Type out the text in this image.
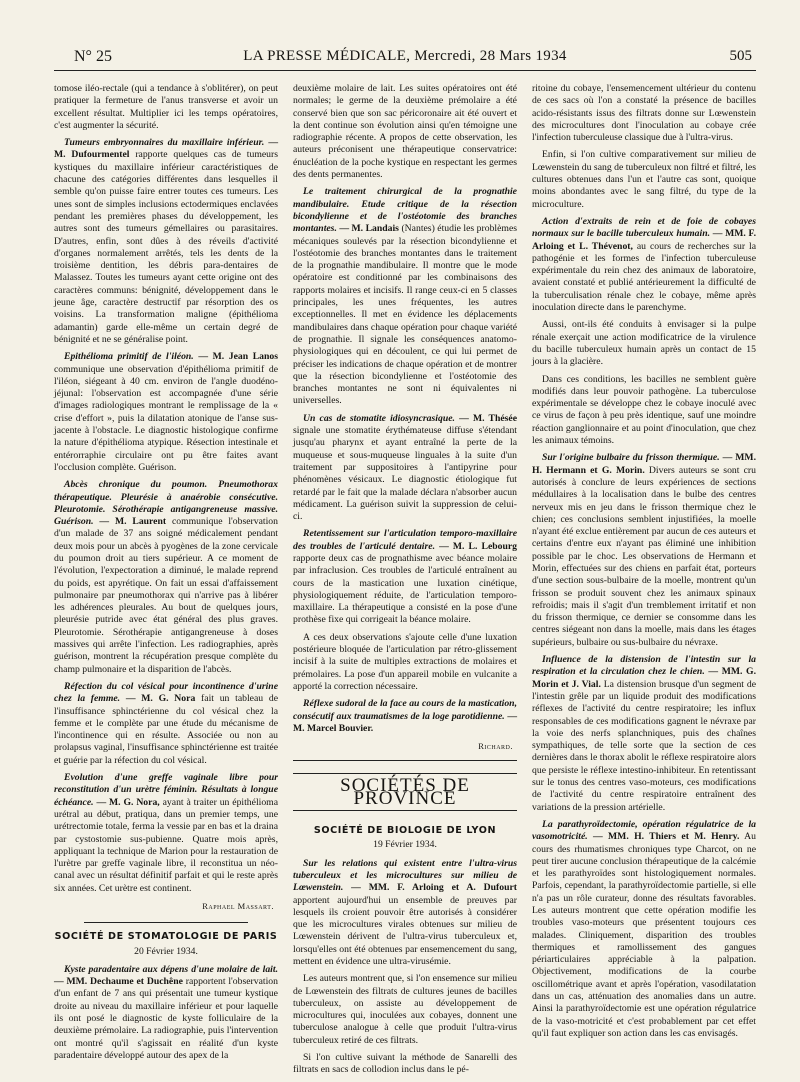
N° 25	LA PRESSE MÉDICALE, Mercredi, 28 Mars 1934	505

tomose iléo-rectale (qui a tendance à s'oblitérer), on peut pratiquer la fermeture de l'anus transverse et avoir un excellent résultat. Multiplier ici les temps opératoires, c'est augmenter la sécurité.

Tumeurs embryonnaires du maxillaire inférieur. — M. Dufourmentel rapporte quelques cas de tumeurs kystiques du maxillaire inférieur caractéristiques de chacune des catégories différentes dans lesquelles il semble qu'on puisse faire entrer toutes ces tumeurs. Les unes sont de simples inclusions ectodermiques enclavées pendant les premières phases du développement, les autres sont des tumeurs gémellaires ou parasitaires. D'autres, enfin, sont dûes à des réveils d'activité d'organes normalement arrêtés, tels les dents de la troisième dentition, les débris para-dentaires de Malassez. Toutes les tumeurs ayant cette origine ont des caractères communs: bénignité, développement dans le jeune âge, caractère destructif par résorption des os voisins. La transformation maligne (épithélioma adamantin) garde elle-même un certain degré de bénignité et ne se généralise point.

Epithélioma primitif de l'iléon. — M. Jean Lanos communique une observation d'épithélioma primitif de l'iléon, siégeant à 40 cm. environ de l'angle duodéno-jéjunal: l'observation est accompagnée d'une série d'images radiologiques montrant le remplissage de la « crise d'effort », puis la dilatation atonique de l'anse sus-jacente à l'obstacle. Le diagnostic histologique confirme la nature d'épithélioma atypique. Résection intestinale et entérorraphie circulaire ont pu être faites avant l'occlusion complète. Guérison.

Abcès chronique du poumon. Pneumothorax thérapeutique. Pleurésie à anaérobie consécutive. Pleurotomie. Sérothérapie antigangreneuse massive. Guérison. — M. Laurent communique l'observation d'un malade de 37 ans soigné médicalement pendant deux mois pour un abcès à pyogènes de la zone cervicale du poumon droit au tiers supérieur. A ce moment de l'évolution, l'expectoration a diminué, le malade reprend du poids, est apyrétique. On fait un essai d'affaissement pulmonaire par pneumothorax qui n'arrive pas à libérer les adhérences pleurales. Au bout de quelques jours, pleurésie putride avec état général des plus graves. Pleurotomie. Sérothérapie antigangreneuse à doses massives qui arrête l'infection. Les radiographies, après guérison, montrent la récupération presque complète du champ pulmonaire et la disparition de l'abcès.

Réfection du col vésical pour incontinence d'urine chez la femme. — M. G. Nora fait un tableau de l'insuffisance sphinctérienne du col vésical chez la femme et le complète par une étude du mécanisme de l'incontinence qui en résulte. Associée ou non au prolapsus vaginal, l'insuffisance sphinctérienne est traitée et guérie par la réfection du col vésical.

Evolution d'une greffe vaginale libre pour reconstitution d'un urètre féminin. Résultats à longue échéance. — M. G. Nora, ayant à traiter un épithélioma urétral au début, pratiqua, dans un premier temps, une urétrectomie totale, ferma la vessie par en bas et la draina par cystostomie sus-pubienne. Quatre mois après, appliquant la technique de Marion pour la restauration de l'urètre par greffe vaginale libre, il reconstitua un néo-canal avec un résultat définitif parfait et qui le reste après six années. Cet urètre est continent.

Raphael Massart.
SOCIÉTÉ DE STOMATOLOGIE DE PARIS
20 Février 1934.

Kyste paradentaire aux dépens d'une molaire de lait. — MM. Dechaume et Duchêne rapportent l'observation d'un enfant de 7 ans qui présentait une tumeur kystique droite au niveau du maxillaire inférieur et pour laquelle ils ont posé le diagnostic de kyste folliculaire de la deuxième prémolaire. La radiographie, puis l'intervention ont montré qu'il s'agissait en réalité d'un kyste paradentaire développé autour des apex de la

deuxième molaire de lait. Les suites opératoires ont été normales; le germe de la deuxième prémolaire a été conservé bien que son sac péricoronaire ait été ouvert et la dent continue son évolution ainsi qu'en témoigne une radiographie récente. A propos de cette observation, les auteurs préconisent une thérapeutique conservatrice: énucléation de la poche kystique en respectant les germes des dents permanentes.

Le traitement chirurgical de la prognathie mandibulaire. Etude critique de la résection bicondylienne et de l'ostéotomie des branches montantes. — M. Landais (Nantes) étudie les problèmes mécaniques soulevés par la résection bicondylienne et l'ostéotomie des branches montantes dans le traitement de la prognathie mandibulaire. Il montre que le mode opératoire est conditionné par les combinaisons des rapports molaires et incisifs. Il range ceux-ci en 5 classes principales, les unes fréquentes, les autres exceptionnelles. Il met en évidence les déplacements mandibulaires dans chaque opération pour chaque variété de prognathie. Il signale les conséquences anatomo-physiologiques qui en découlent, ce qui lui permet de préciser les indications de chaque opération et de montrer que la résection bicondylienne et l'ostéotomie des branches montantes ne sont ni équivalentes ni universelles.

Un cas de stomatite idiosyncrasique. — M. Thésée signale une stomatite érythémateuse diffuse s'étendant jusqu'au pharynx et ayant entraîné la perte de la muqueuse et sous-muqueuse linguales à la suite d'un traitement par suppositoires à l'antipyrine pour phénomènes vésicaux. Le diagnostic étiologique fut retardé par le fait que la malade déclara n'absorber aucun médicament. La guérison suivit la suppression de celui-ci.

Retentissement sur l'articulation temporo-maxillaire des troubles de l'articulé dentaire. — M. L. Lebourg rapporte deux cas de prognathisme avec béance molaire par infraclusion. Ces troubles de l'articulé entraînent au cours de la mastication une luxation cinétique, physiologiquement réduite, de l'articulation temporo-maxillaire. La thérapeutique a consisté en la pose d'une prothèse fixe qui corrigeait la béance molaire.

A ces deux observations s'ajoute celle d'une luxation postérieure bloquée de l'articulation par rétro-glissement incisif à la suite de multiples extractions de molaires et prémolaires. La pose d'un appareil mobile en vulcanite a apporté la correction nécessaire.

Réflexe sudoral de la face au cours de la mastication, consécutif aux traumatismes de la loge parotidienne. — M. Marcel Bouvier.

Richard.
SOCIÉTÉS DE PROVINCE
SOCIÉTÉ DE BIOLOGIE DE LYON
19 Février 1934.

Sur les relations qui existent entre l'ultra-virus tuberculeux et les microcultures sur milieu de Lœwenstein. — MM. F. Arloing et A. Dufourt apportent aujourd'hui un ensemble de preuves par lesquels ils croient pouvoir être autorisés à considérer que les microcultures virales obtenues sur milieu de Lœwenstein dérivent de l'ultra-virus tuberculeux et, lorsqu'elles ont été obtenues par ensemencement du sang, mettent en évidence une ultra-virusémie.

Les auteurs montrent que, si l'on ensemence sur milieu de Lœwenstein des filtrats de cultures jeunes de bacilles tuberculeux, on assiste au développement de microcultures qui, inoculées aux cobayes, donnent une tuberculose analogue à celle que produit l'ultra-virus tuberculeux retiré de ces filtrats.

Si l'on cultive suivant la méthode de Sanarelli des filtrats en sacs de collodion inclus dans le pé-

ritoine du cobaye, l'ensemencement ultérieur du contenu de ces sacs où l'on a constaté la présence de bacilles acido-résistants issus des filtrats donne sur Lœwenstein des microcultures dont l'inoculation au cobaye crée l'infection tuberculeuse classique due à l'ultra-virus.

Enfin, si l'on cultive comparativement sur milieu de Lœwenstein du sang de tuberculeux non filtré et filtré, les cultures obtenues dans l'un et l'autre cas sont, quoique moins abondantes avec le sang filtré, du type de la microculture.

Action d'extraits de rein et de foie de cobayes normaux sur le bacille tuberculeux humain. — MM. F. Arloing et L. Thévenot, au cours de recherches sur la pathogénie et les formes de l'infection tuberculeuse expérimentale du rein chez des animaux de laboratoire, avaient constaté et publié antérieurement la difficulté de la tuberculisation rénale chez le cobaye, même après inoculation directe dans le parenchyme.

Aussi, ont-ils été conduits à envisager si la pulpe rénale exerçait une action modificatrice de la virulence du bacille tuberculeux humain après un contact de 15 jours à la glacière.

Dans ces conditions, les bacilles ne semblent guère modifiés dans leur pouvoir pathogène. La tuberculose expérimentale se développe chez le cobaye inoculé avec ce virus de façon à peu près identique, sauf une moindre réaction ganglionnaire et au point d'inoculation, que chez les animaux témoins.

Sur l'origine bulbaire du frisson thermique. — MM. H. Hermann et G. Morin. Divers auteurs se sont cru autorisés à conclure de leurs expériences de sections médullaires à la localisation dans le bulbe des centres nerveux mis en jeu dans le frisson thermique chez le chien; ces conclusions semblent injustifiées, la moelle n'ayant été exclue entièrement par aucun de ces auteurs et certains d'entre eux n'ayant pas éliminé une inhibition possible par le choc. Les observations de Hermann et Morin, effectuées sur des chiens en parfait état, porteurs d'une section sous-bulbaire de la moelle, montrent qu'un frisson se produit souvent chez les animaux spinaux refroidis; mais il s'agit d'un tremblement irritatif et non du frisson thermique, ce dernier se consomme dans les centres siégeant non dans la moelle, mais dans les étages supérieurs, bulbaire ou sus-bulbaire du névraxe.

Influence de la distension de l'intestin sur la respiration et la circulation chez le chien. — MM. G. Morin et J. Vial. La distension brusque d'un segment de l'intestin grêle par un liquide produit des modifications réflexes de l'activité du centre respiratoire; les influx responsables de ces modifications gagnent le névraxe par la voie des nerfs splanchniques, puis des chaînes sympathiques, de telle sorte que la section de ces dernières dans le thorax abolit le réflexe respiratoire alors que persiste le réflexe intestino-inhibiteur. En retentissant sur le tonus des centres vaso-moteurs, ces modifications de l'activité du centre respiratoire entraînent des variations de la pression artérielle.

La parathyroïdectomie, opération régulatrice de la vasomotricité. — MM. H. Thiers et M. Henry. Au cours des rhumatismes chroniques type Charcot, on ne peut tirer aucune conclusion thérapeutique de la calcémie et les parathyroïdes sont histologiquement normales. Parfois, cependant, la parathyroïdectomie partielle, si elle n'a pas un rôle curateur, donne des résultats favorables. Les auteurs montrent que cette opération modifie les troubles vaso-moteurs que présentent toujours ces malades. Cliniquement, disparition des troubles thermiques et ramollissement des gangues périarticulaires appréciable à la palpation. Objectivement, modifications de la courbe oscillométrique avant et après l'opération, vasodilatation dans un cas, atténuation des anomalies dans un autre. Ainsi la parathyroïdectomie est une opération régulatrice de la vaso-motricité et c'est probablement par cet effet qu'il faut expliquer son action dans les cas envisagés.
